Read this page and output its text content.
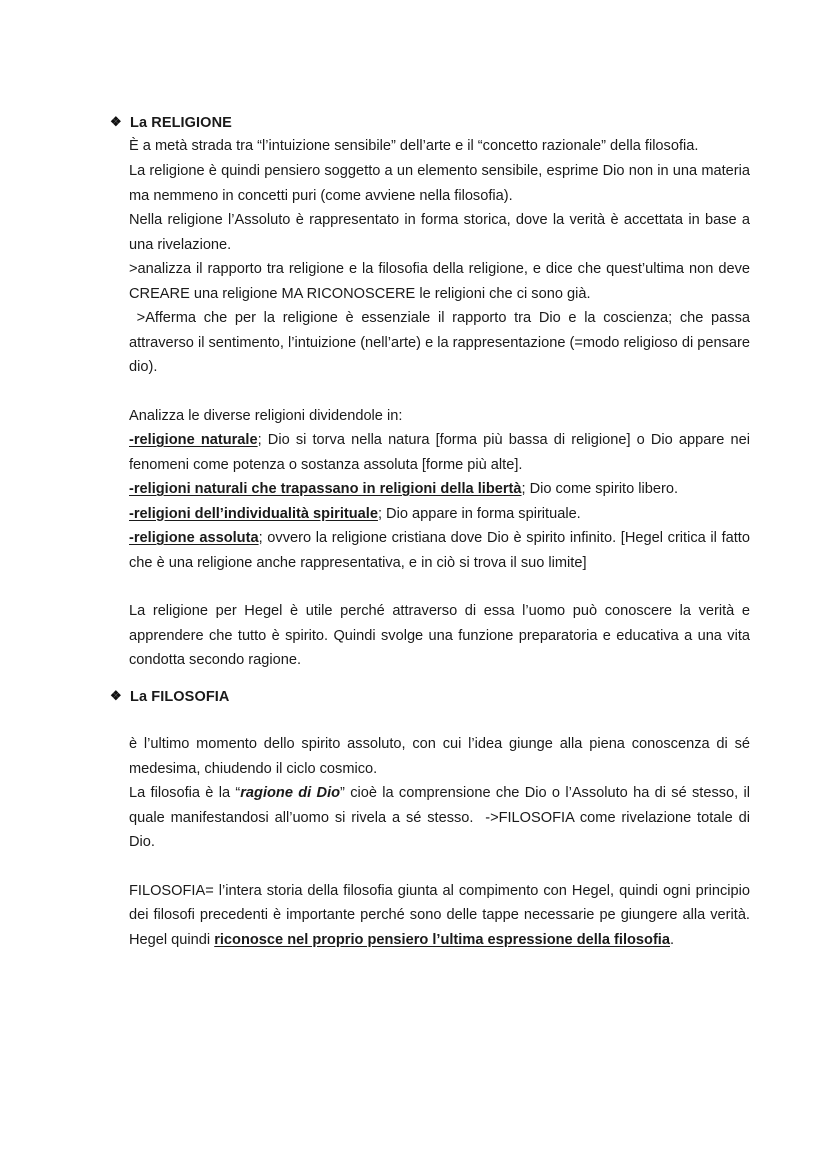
❖ La RELIGIONE

È a metà strada tra “l’intuizione sensibile” dell’arte e il “concetto razionale” della filosofia.

La religione è quindi pensiero soggetto a un elemento sensibile, esprime Dio non in una materia ma nemmeno in concetti puri (come avviene nella filosofia).

Nella religione l’Assoluto è rappresentato in forma storica, dove la verità è accettata in base a una rivelazione.

>analizza il rapporto tra religione e la filosofia della religione, e dice che quest’ultima non deve CREARE una religione MA RICONOSCERE le religioni che ci sono già.

>Afferma che per la religione è essenziale il rapporto tra Dio e la coscienza; che passa attraverso il sentimento, l’intuizione (nell’arte) e la rappresentazione (=modo religioso di pensare dio).

Analizza le diverse religioni dividendole in:

-religione naturale; Dio si torva nella natura [forma più bassa di religione] o Dio appare nei fenomeni come potenza o sostanza assoluta [forme più alte].

-religioni naturali che trapassano in religioni della libertà; Dio come spirito libero.

-religioni dell’individualità spirituale; Dio appare in forma spirituale.

-religione assoluta; ovvero la religione cristiana dove Dio è spirito infinito. [Hegel critica il fatto che è una religione anche rappresentativa, e in ciò si trova il suo limite]

La religione per Hegel è utile perché attraverso di essa l’uomo può conoscere la verità e apprendere che tutto è spirito. Quindi svolge una funzione preparatoria e educativa a una vita condotta secondo ragione.

❖ La FILOSOFIA

è l’ultimo momento dello spirito assoluto, con cui l’idea giunge alla piena conoscenza di sé medesima, chiudendo il ciclo cosmico.

La filosofia è la “ragione di Dio” cioè la comprensione che Dio o l’Assoluto ha di sé stesso, il quale manifestandosi all’uomo si rivela a sé stesso.  ->FILOSOFIA come rivelazione totale di Dio.

FILOSOFIA= l’intera storia della filosofia giunta al compimento con Hegel, quindi ogni principio dei filosofi precedenti è importante perché sono delle tappe necessarie pe giungere alla verità. Hegel quindi riconosce nel proprio pensiero l’ultima espressione della filosofia.
